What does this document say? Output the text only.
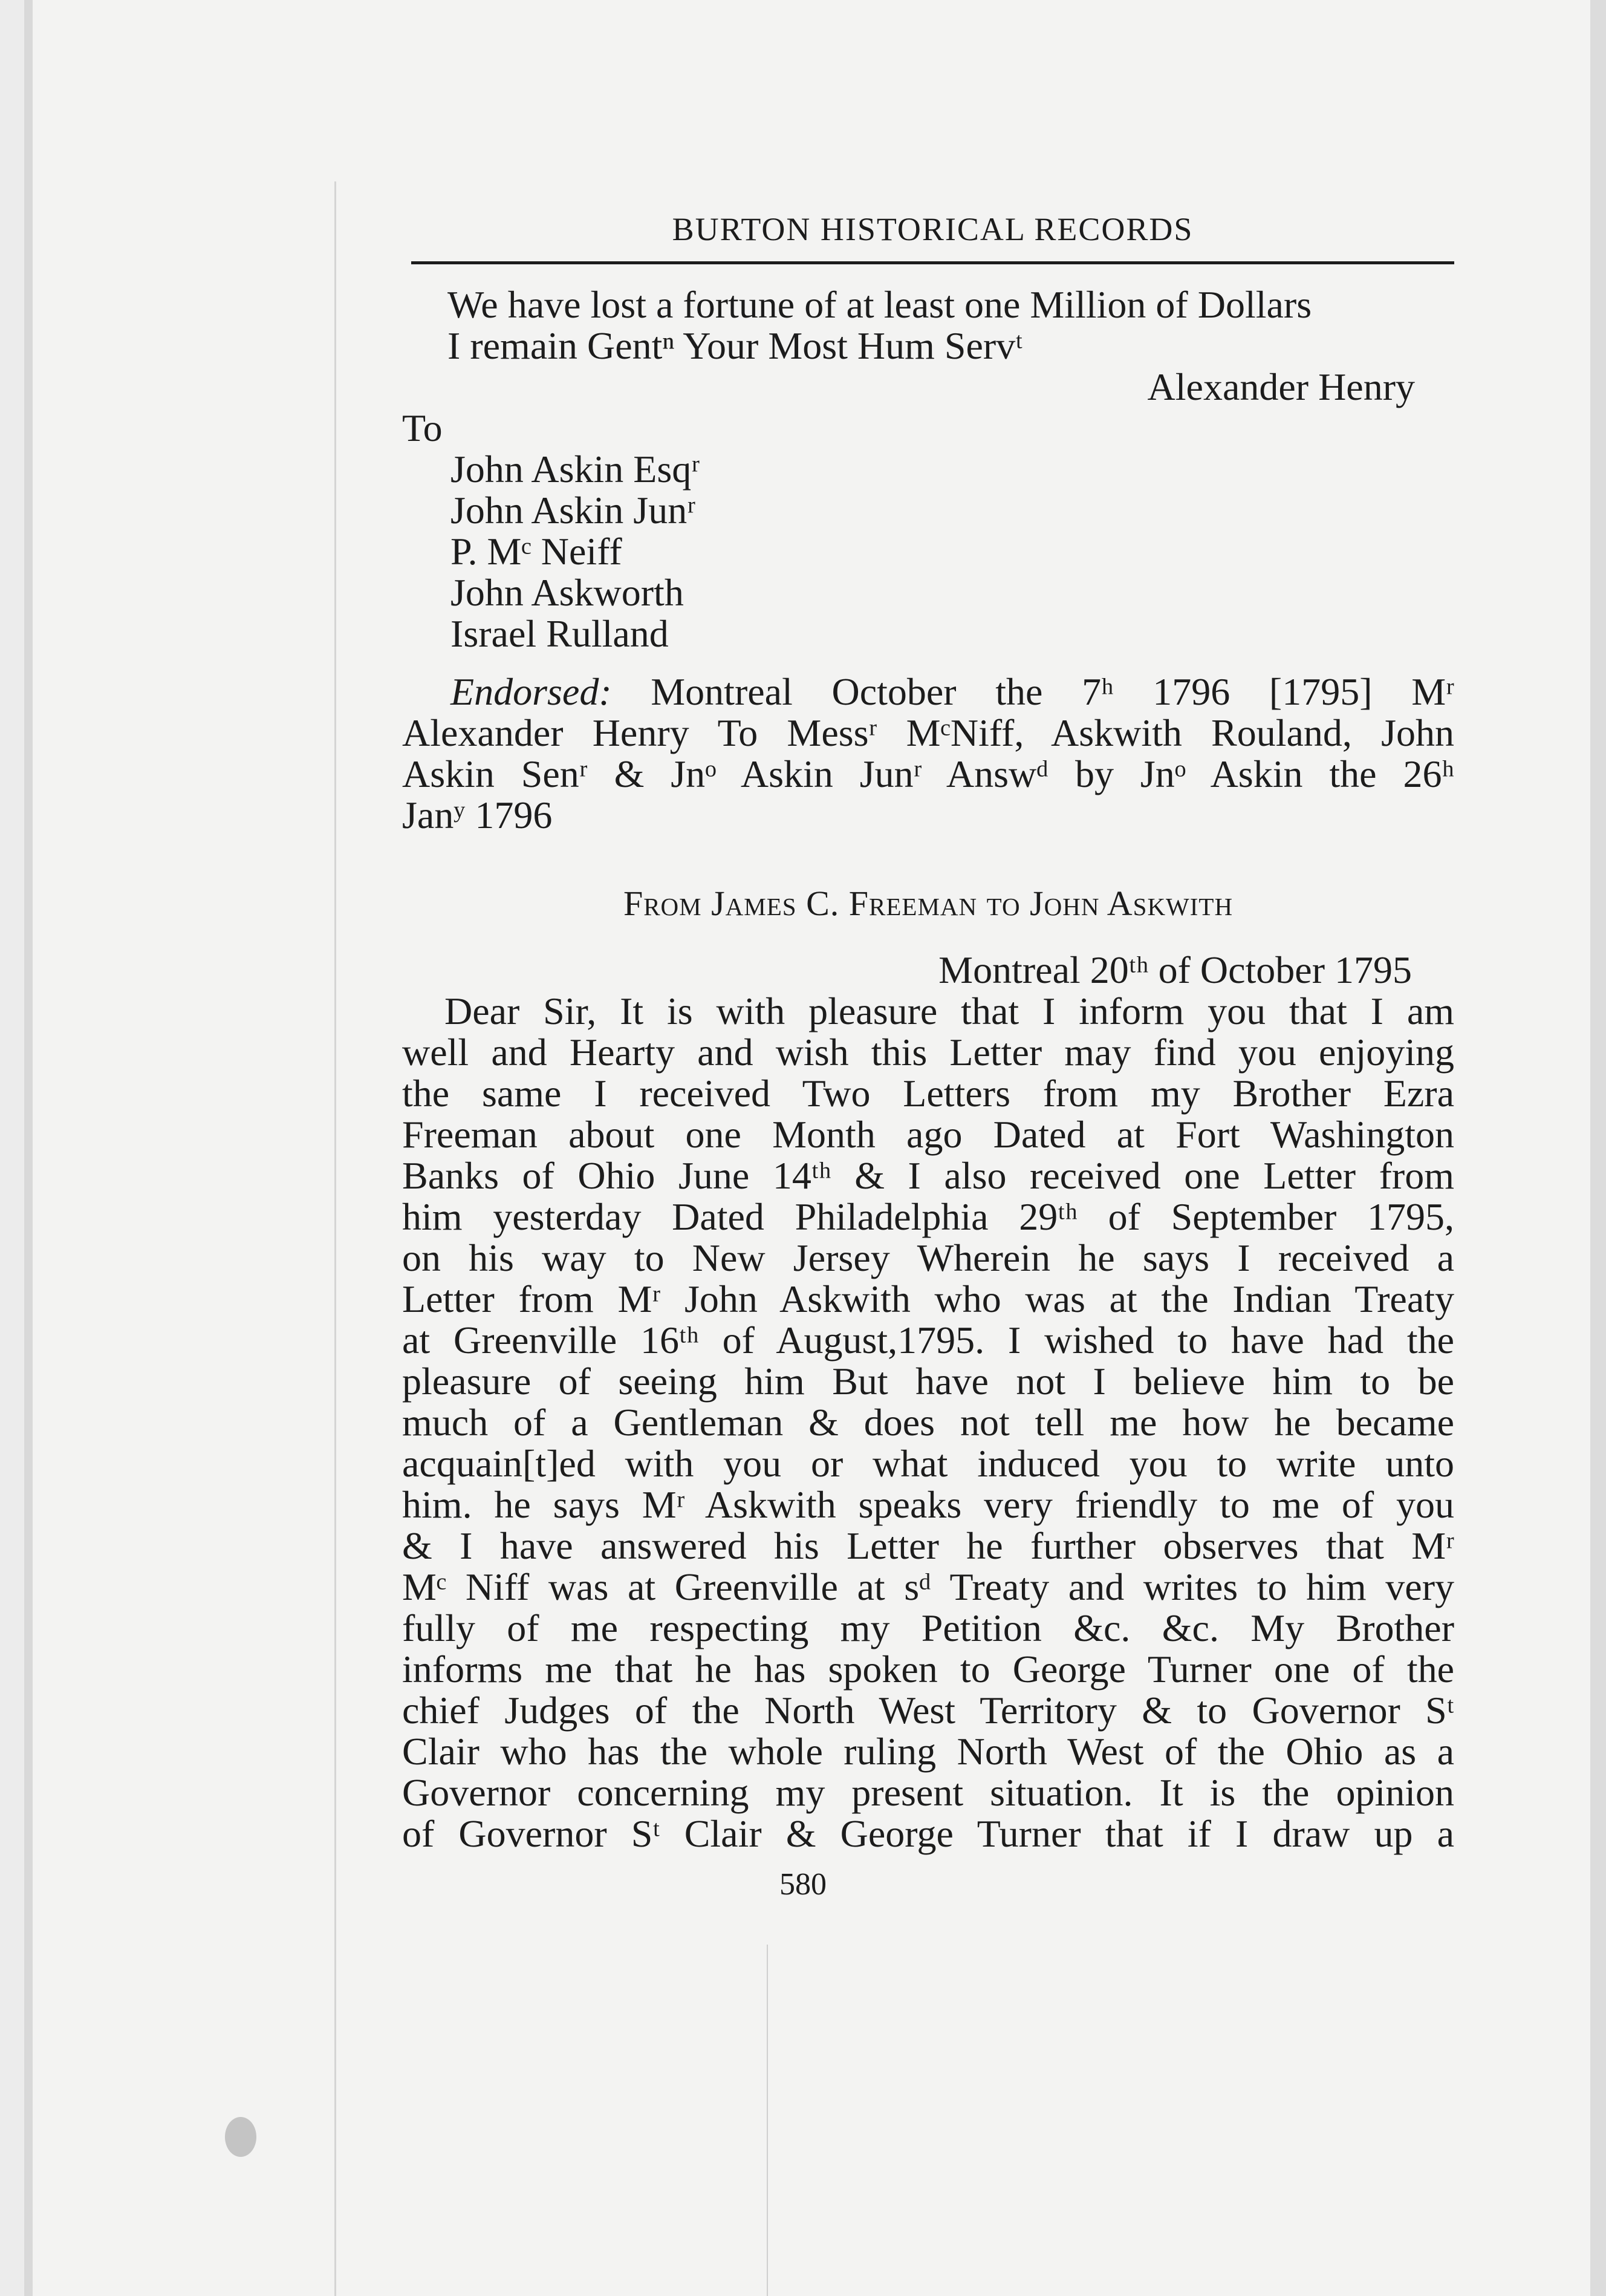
BURTON HISTORICAL RECORDS
We have lost a fortune of at least one Million of Dollars
I remain Gentⁿ Your Most Hum Servᵗ
Alexander Henry
To
John Askin Esqʳ
John Askin Junʳ
P. Mᶜ Neiff
John Askworth
Israel Rulland
Endorsed: Montreal October the 7ʰ 1796 [1795] Mʳ
Alexander Henry To Messʳ MᶜNiff, Askwith Rouland, John
Askin Senʳ & Jnᵒ Askin Junʳ Answᵈ by Jnᵒ Askin the 26ʰ
Janʸ 1796
From James C. Freeman to John Askwith
Montreal 20ᵗʰ of October 1795
Dear Sir, It is with pleasure that I inform you that I am
well and Hearty and wish this Letter may find you enjoying
the same I received Two Letters from my Brother Ezra
Freeman about one Month ago Dated at Fort Washington
Banks of Ohio June 14ᵗʰ & I also received one Letter from
him yesterday Dated Philadelphia 29ᵗʰ of September 1795,
on his way to New Jersey Wherein he says I received a
Letter from Mʳ John Askwith who was at the Indian Treaty
at Greenville 16ᵗʰ of August,1795. I wished to have had the
pleasure of seeing him But have not I believe him to be
much of a Gentleman & does not tell me how he became
acquain[t]ed with you or what induced you to write unto
him. he says Mʳ Askwith speaks very friendly to me of you
& I have answered his Letter he further observes that Mʳ
Mᶜ Niff was at Greenville at sᵈ Treaty and writes to him very
fully of me respecting my Petition &c. &c. My Brother
informs me that he has spoken to George Turner one of the
chief Judges of the North West Territory & to Governor Sᵗ
Clair who has the whole ruling North West of the Ohio as a
Governor concerning my present situation. It is the opinion
of Governor Sᵗ Clair & George Turner that if I draw up a
580
